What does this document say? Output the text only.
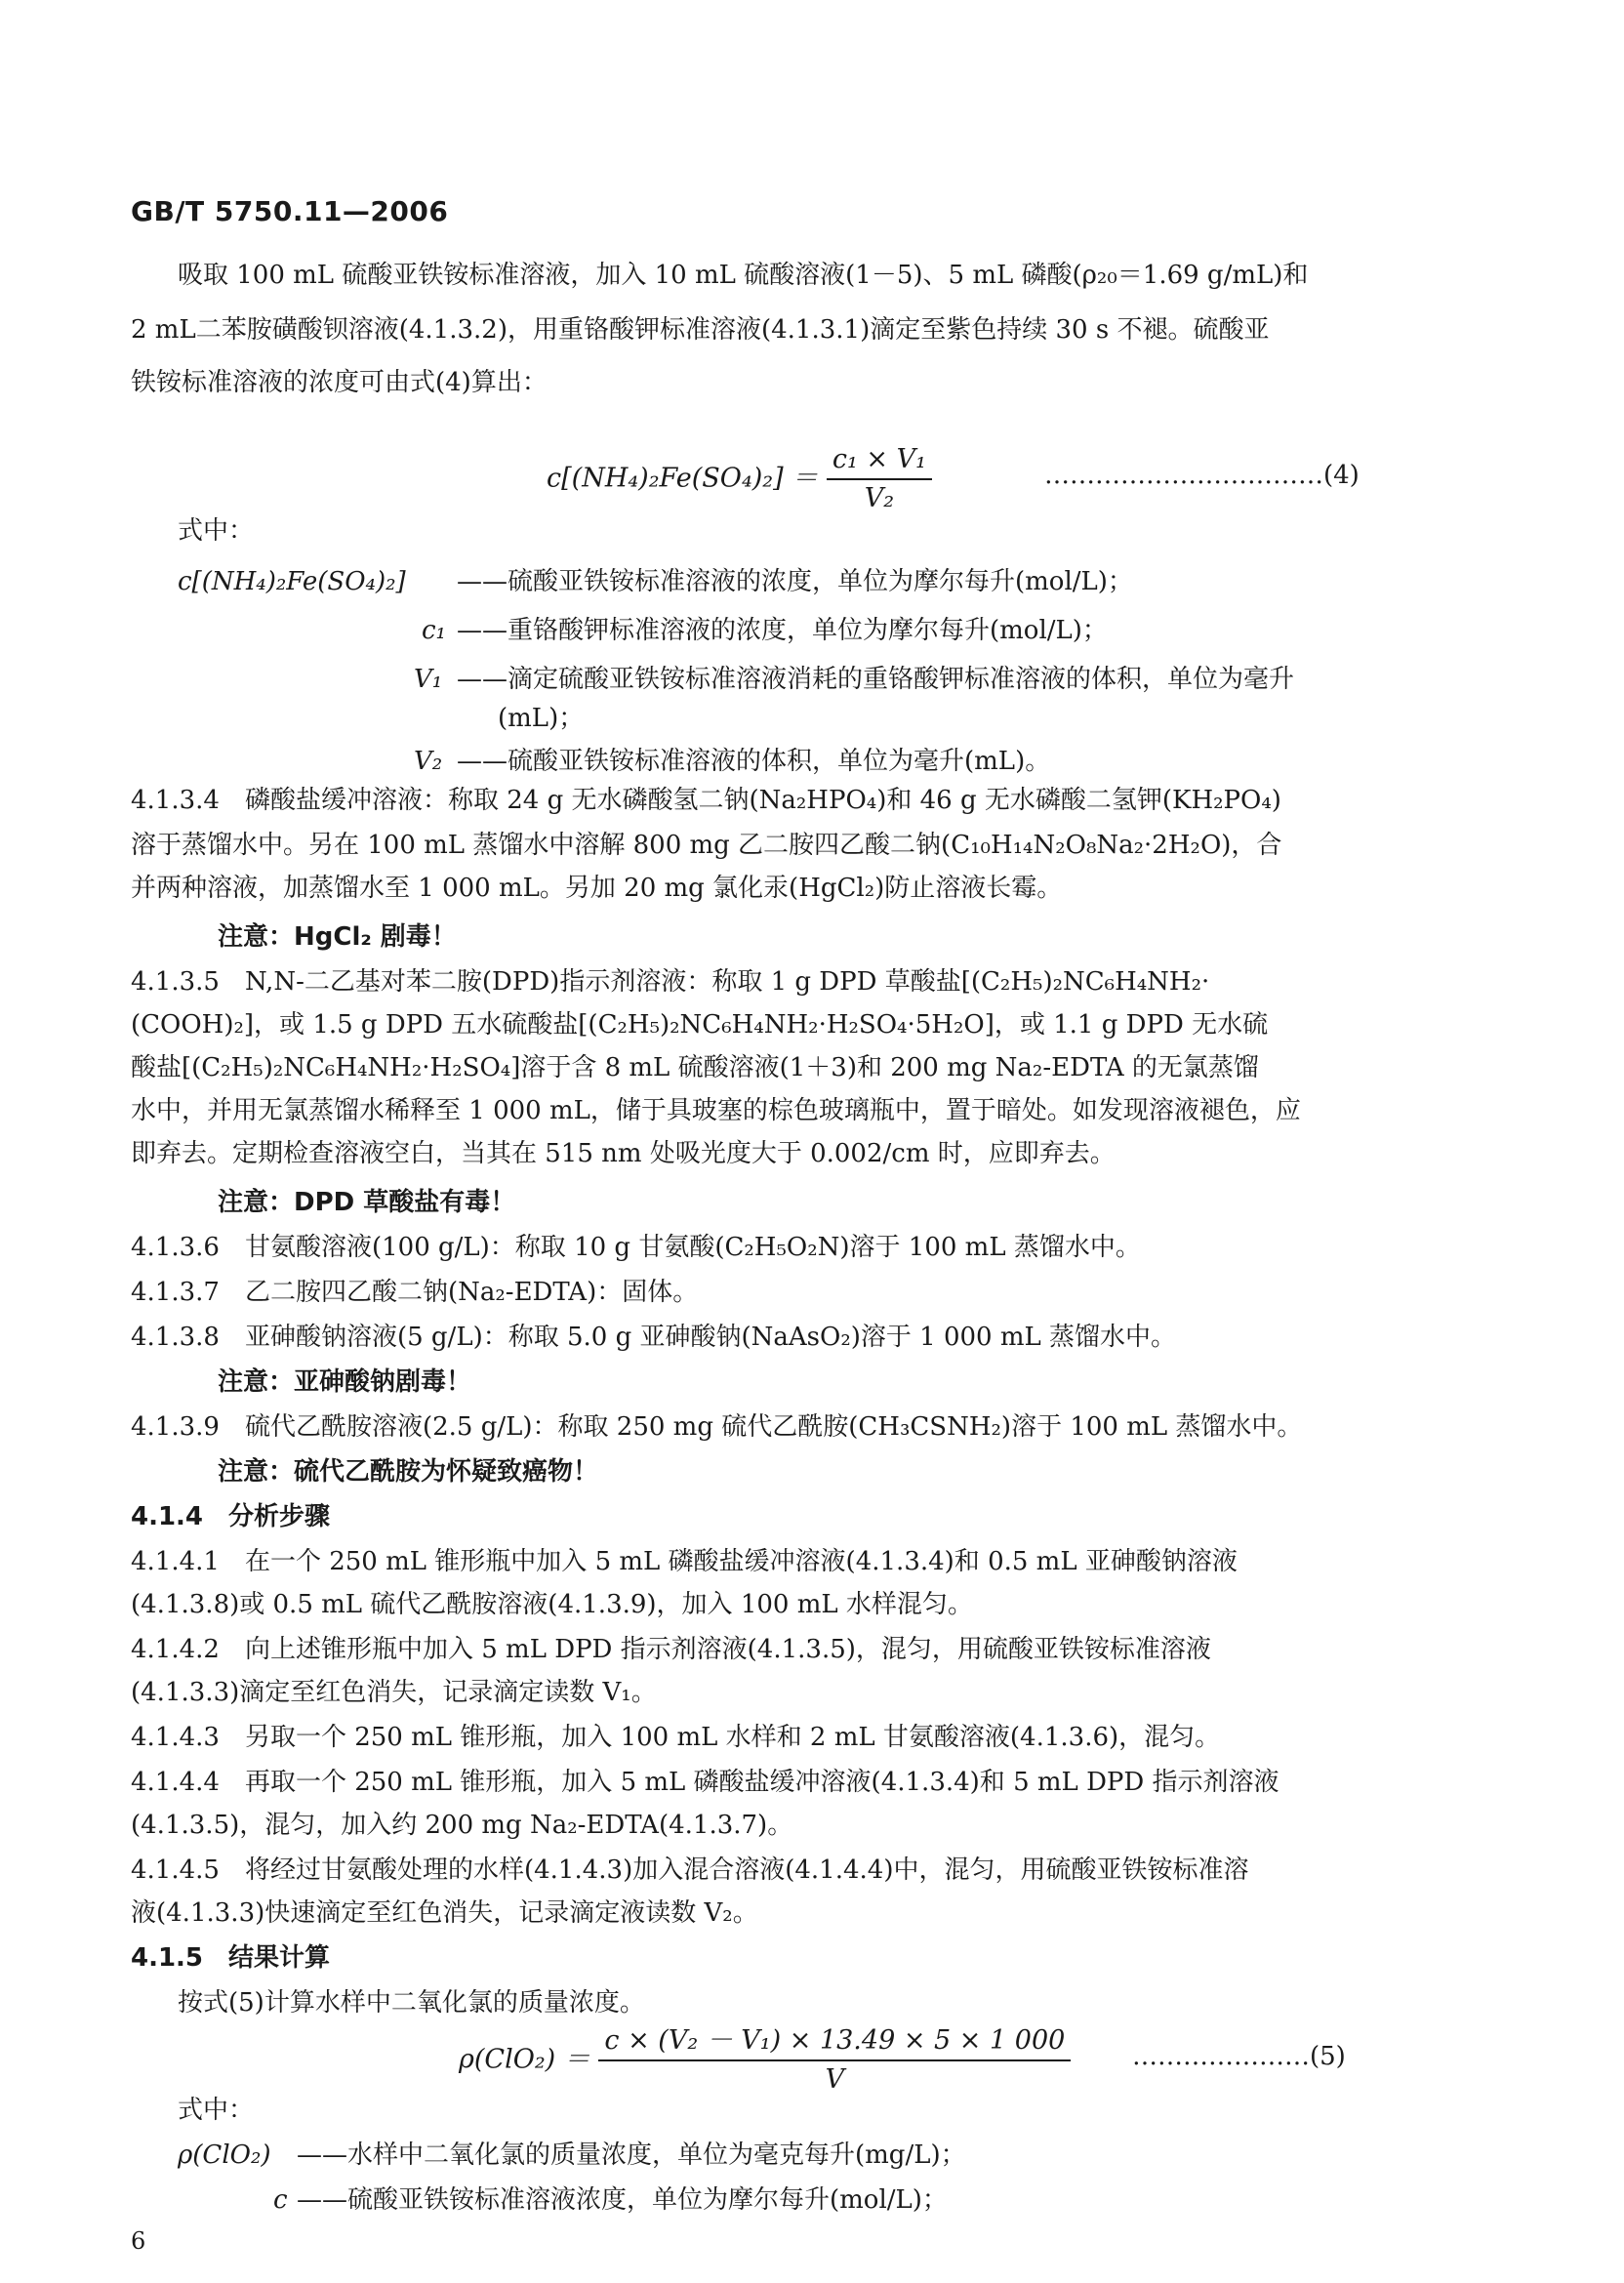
GB/T 5750.11—2006
吸取 100 mL 硫酸亚铁铵标准溶液，加入 10 mL 硫酸溶液(1－5)、5 mL 磷酸(ρ₂₀＝1.69 g/mL)和
2 mL二苯胺磺酸钡溶液(4.1.3.2)，用重铬酸钾标准溶液(4.1.3.1)滴定至紫色持续 30 s 不褪。硫酸亚
铁铵标准溶液的浓度可由式(4)算出：
$c[(NH_4)_2Fe(SO_4)_2] = \frac{\text{c₁ × V₁}}{\text{V₂}}$	……………………………(4)
式中：
c[(NH₄)₂Fe(SO₄)₂] ——硫酸亚铁铵标准溶液的浓度，单位为摩尔每升(mol/L)；
c₁ ——重铬酸钾标准溶液的浓度，单位为摩尔每升(mol/L)；
V₁ ——滴定硫酸亚铁铵标准溶液消耗的重铬酸钾标准溶液的体积，单位为毫升
(mL)；
V₂ ——硫酸亚铁铵标准溶液的体积，单位为毫升(mL)。
4.1.3.4　磷酸盐缓冲溶液：称取 24 g 无水磷酸氢二钠(Na₂HPO₄)和 46 g 无水磷酸二氢钾(KH₂PO₄)
溶于蒸馏水中。另在 100 mL 蒸馏水中溶解 800 mg 乙二胺四乙酸二钠(C₁₀H₁₄N₂O₈Na₂·2H₂O)，合
并两种溶液，加蒸馏水至 1 000 mL。另加 20 mg 氯化汞(HgCl₂)防止溶液长霉。
注意：HgCl₂ 剧毒！
4.1.3.5　N,N-二乙基对苯二胺(DPD)指示剂溶液：称取 1 g DPD 草酸盐[(C₂H₅)₂NC₆H₄NH₂·
(COOH)₂]，或 1.5 g DPD 五水硫酸盐[(C₂H₅)₂NC₆H₄NH₂·H₂SO₄·5H₂O]，或 1.1 g DPD 无水硫
酸盐[(C₂H₅)₂NC₆H₄NH₂·H₂SO₄]溶于含 8 mL 硫酸溶液(1＋3)和 200 mg Na₂-EDTA 的无氯蒸馏
水中，并用无氯蒸馏水稀释至 1 000 mL，储于具玻塞的棕色玻璃瓶中，置于暗处。如发现溶液褪色，应
即弃去。定期检查溶液空白，当其在 515 nm 处吸光度大于 0.002/cm 时，应即弃去。
注意：DPD 草酸盐有毒！
4.1.3.6　甘氨酸溶液(100 g/L)：称取 10 g 甘氨酸(C₂H₅O₂N)溶于 100 mL 蒸馏水中。
4.1.3.7　乙二胺四乙酸二钠(Na₂-EDTA)：固体。
4.1.3.8　亚砷酸钠溶液(5 g/L)：称取 5.0 g 亚砷酸钠(NaAsO₂)溶于 1 000 mL 蒸馏水中。
注意：亚砷酸钠剧毒！
4.1.3.9　硫代乙酰胺溶液(2.5 g/L)：称取 250 mg 硫代乙酰胺(CH₃CSNH₂)溶于 100 mL 蒸馏水中。
注意：硫代乙酰胺为怀疑致癌物！
4.1.4　分析步骤
4.1.4.1　在一个 250 mL 锥形瓶中加入 5 mL 磷酸盐缓冲溶液(4.1.3.4)和 0.5 mL 亚砷酸钠溶液
(4.1.3.8)或 0.5 mL 硫代乙酰胺溶液(4.1.3.9)，加入 100 mL 水样混匀。
4.1.4.2　向上述锥形瓶中加入 5 mL DPD 指示剂溶液(4.1.3.5)，混匀，用硫酸亚铁铵标准溶液
(4.1.3.3)滴定至红色消失，记录滴定读数 V₁。
4.1.4.3　另取一个 250 mL 锥形瓶，加入 100 mL 水样和 2 mL 甘氨酸溶液(4.1.3.6)，混匀。
4.1.4.4　再取一个 250 mL 锥形瓶，加入 5 mL 磷酸盐缓冲溶液(4.1.3.4)和 5 mL DPD 指示剂溶液
(4.1.3.5)，混匀，加入约 200 mg Na₂-EDTA(4.1.3.7)。
4.1.4.5　将经过甘氨酸处理的水样(4.1.4.3)加入混合溶液(4.1.4.4)中，混匀，用硫酸亚铁铵标准溶
液(4.1.3.3)快速滴定至红色消失，记录滴定液读数 V₂。
4.1.5　结果计算
按式(5)计算水样中二氧化氯的质量浓度。
$\rho(ClO_2) = \frac{\text{c × (V₂ － V₁) × 13.49 × 5 × 1 000}}{V}$ …………………(5)
式中：
ρ(ClO₂) ——水样中二氧化氯的质量浓度，单位为毫克每升(mg/L)；
c ——硫酸亚铁铵标准溶液浓度，单位为摩尔每升(mol/L)；
6
